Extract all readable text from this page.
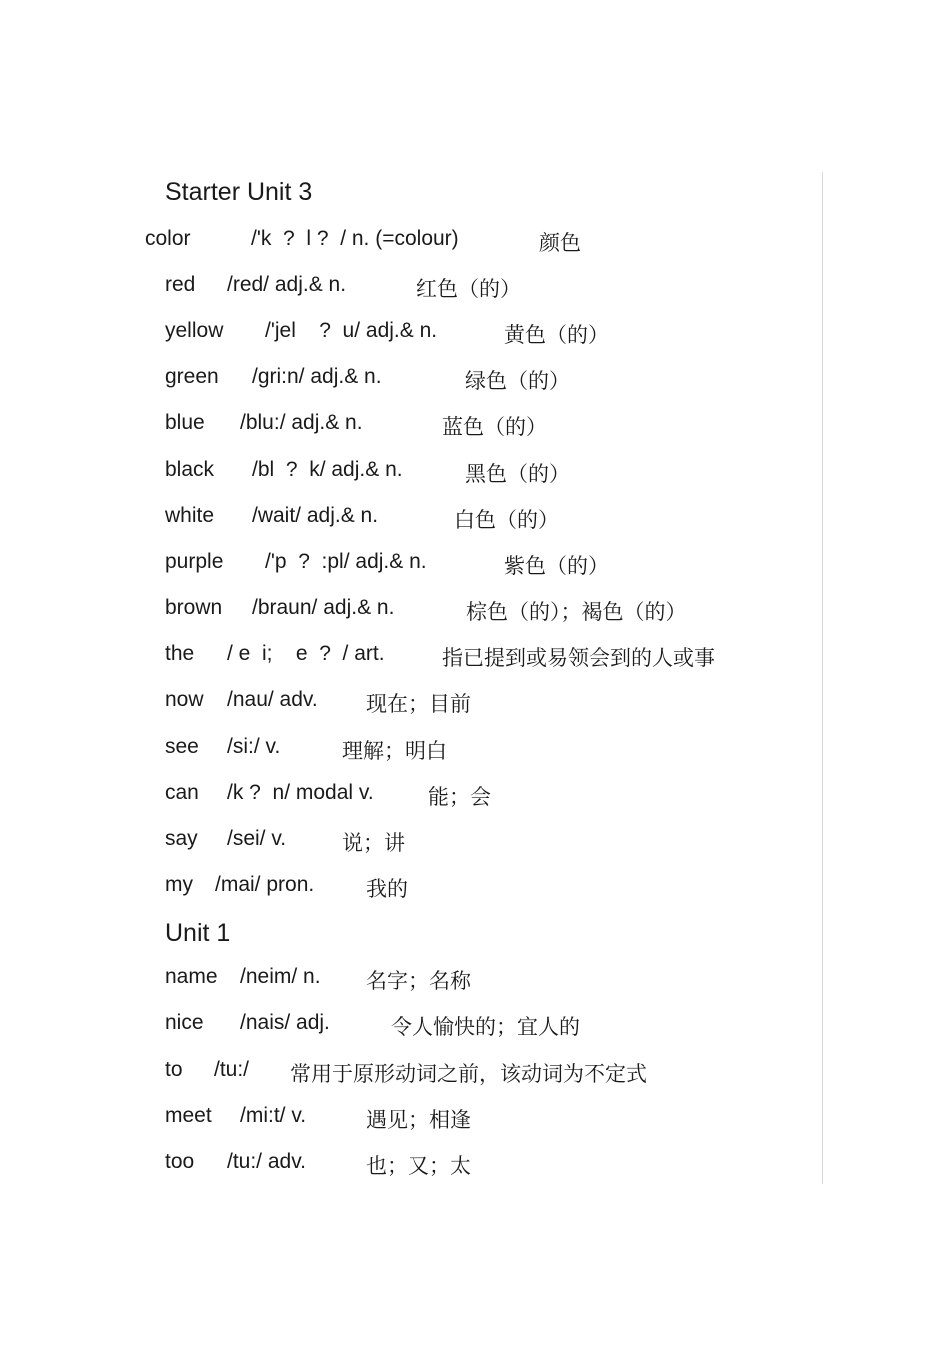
Starter Unit 3
color	/'k  ?  l ?  / n. (=colour)	颜色
red /red/ adj.& n.	红色（的）
yellow /'jel    ?  u/ adj.& n.	黄色（的）
green /gri:n/ adj.& n.	绿色（的）
blue /blu:/ adj.& n.	蓝色（的）
black /bl  ?  k/ adj.& n.	黑色（的）
white /wait/ adj.& n.	白色（的）
purple /'p  ?  :pl/ adj.& n.	紫色（的）
brown /braun/ adj.& n.	棕色（的）；褐色（的）
the / e  i;    e  ?  / art.	指已提到或易领会到的人或事
now /nau/ adv. 现在；目前
see /si:/ v.	理解；明白
can /k ?  n/ modal v.	能；会
say /sei/ v.	说；讲
my /mai/ pron. 我的
Unit 1
name /neim/ n. 名字；名称
nice /nais/ adj.	令人愉快的；宜人的
to /tu:/ 常用于原形动词之前，该动词为不定式
meet /mi:t/ v.	遇见；相逢
too /tu:/ adv.	也；又；太
